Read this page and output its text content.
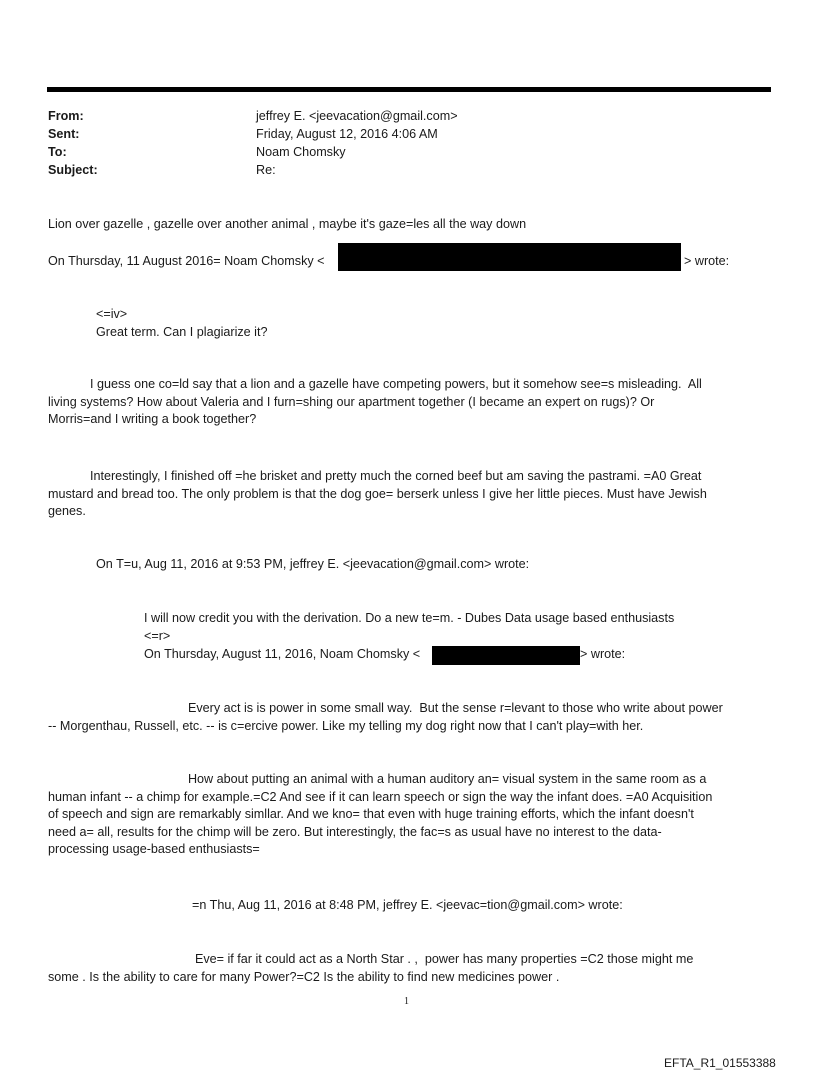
From:	jeffrey E. <jeevacation@gmail.com>
Sent:	Friday, August 12, 2016 4:06 AM
To:	Noam Chomsky
Subject:	Re:
Lion over gazelle , gazelle over another animal , maybe it's gaze=les all the way down
On Thursday, 11 August 2016= Noam Chomsky <	> wrote:
<=iv>
Great term. Can I plagiarize it?
I guess one co=ld say that a lion and a gazelle have competing powers, but it somehow see=s misleading.  All
living systems? How about Valeria and I furn=shing our apartment together (I became an expert on rugs)? Or
Morris=and I writing a book together?
Interestingly, I finished off =he brisket and pretty much the corned beef but am saving the pastrami. =A0 Great
mustard and bread too. The only problem is that the dog goe= berserk unless I give her little pieces. Must have Jewish
genes.
On T=u, Aug 11, 2016 at 9:53 PM, jeffrey E. <jeevacation@gmail.com> wrote:
I will now credit you with the derivation. Do a new te=m. - Dubes Data usage based enthusiasts
<=r>
On Thursday, August 11, 2016, Noam Chomsky <	> wrote:
Every act is is power in some small way.  But the sense r=levant to those who write about power
-- Morgenthau, Russell, etc. -- is c=ercive power. Like my telling my dog right now that I can't play=with her.
How about putting an animal with a human auditory an= visual system in the same room as a
human infant -- a chimp for example.=C2 And see if it can learn speech or sign the way the infant does. =A0 Acquisition
of speech and sign are remarkably simllar. And we kno= that even with huge training efforts, which the infant doesn't
need a= all, results for the chimp will be zero. But interestingly, the fac=s as usual have no interest to the data-
processing usage-based enthusiasts=
=n Thu, Aug 11, 2016 at 8:48 PM, jeffrey E. <jeevac=tion@gmail.com> wrote:
Eve= if far it could act as a North Star . ,  power has many properties =C2 those might me
some . Is the ability to care for many Power?=C2 Is the ability to find new medicines power .
1
EFTA_R1_01553388
